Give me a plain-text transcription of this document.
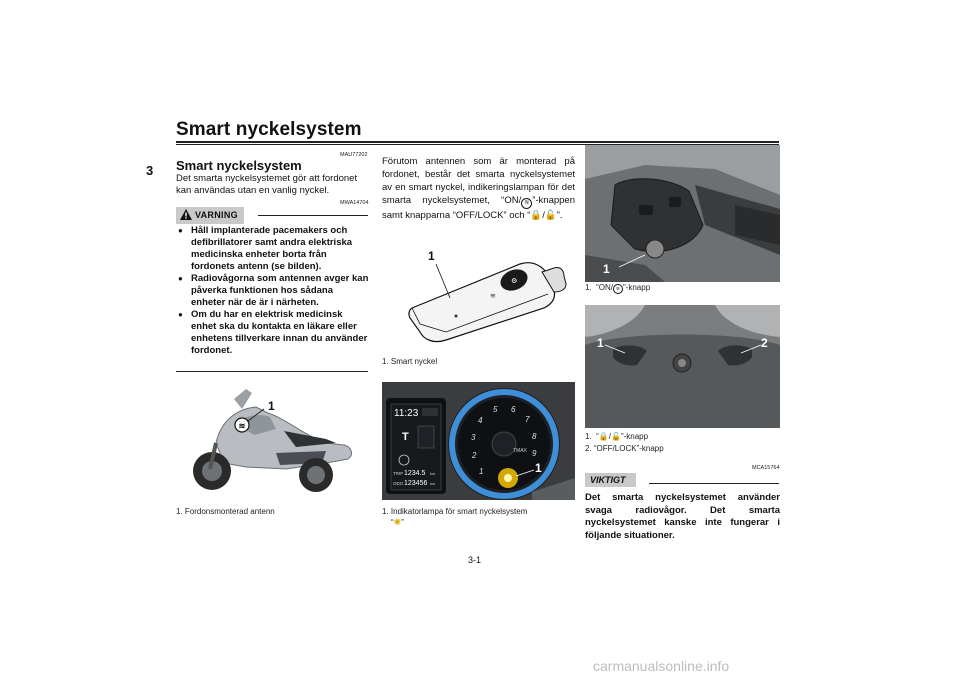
Smart nyckelsystem
3
MAU77202
Smart nyckelsystem
Det smarta nyckelsystemet gör att fordonet kan användas utan en vanlig nyckel.
MWA14704
VARNING
● Håll implanterade pacemakers och defibrillatorer samt andra elektriska medicinska enheter borta från fordonets antenn (se bilden).
● Radiovågorna som antennen avger kan påverka funktionen hos sådana enheter när de är i närheten.
● Om du har en elektrisk medicinsk enhet ska du kontakta en läkare eller enhetens tillverkare innan du använder fordonet.
≋
1
1. Fordonsmonterad antenn
Förutom antennen som är monterad på fordonet, består det smarta nyckelsystemet av en smart nyckel, indikeringslampan för det smarta nyckelsystemet, “ON/ ≋ ”-knappen samt knapparna “OFF/LOCK” och “🔒/🔓”.
⚙
≋
1
1. Smart nyckel
11:23
T
TRIP 1234.5 km
ODO 123456 km
TMAX
1
2
3
4
5 6
7
8
9
1
1. Indikatorlampa för smart nyckelsystem
“✺”
1
1.  “ON/ ≋ ”-knapp
1	2
1.  “🔒/🔓”-knapp
2. “OFF/LOCK”-knapp
MCA15764
VIKTIGT
Det smarta nyckelsystemet använder svaga radiovågor. Det smarta nyckelsystemet kanske inte fungerar i följande situationer.
3-1
carmanualsonline.info
